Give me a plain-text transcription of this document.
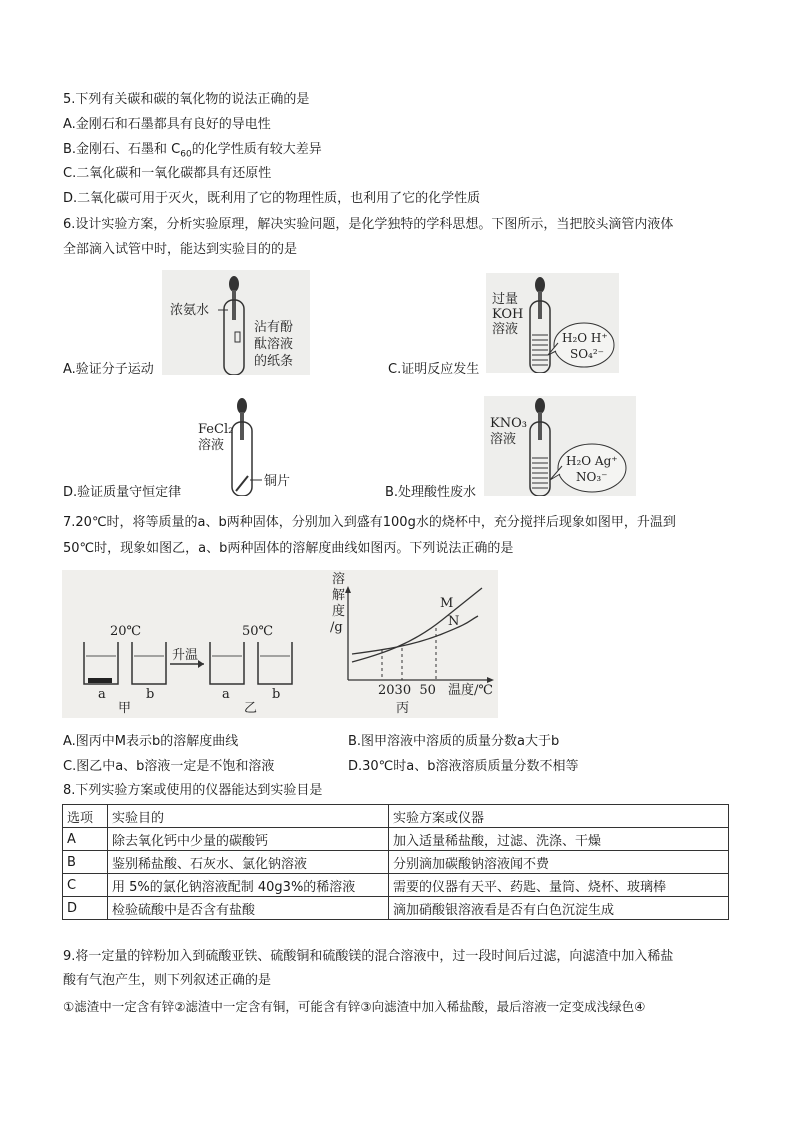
5.下列有关碳和碳的氧化物的说法正确的是
A.金刚石和石墨都具有良好的导电性
B.金刚石、石墨和 $C_{60}$的化学性质有较大差异
C.二氧化碳和一氧化碳都具有还原性
D.二氧化碳可用于灭火，既利用了它的物理性质，也利用了它的化学性质
6.设计实验方案，分析实验原理，解决实验问题，是化学独特的学科思想。下图所示，当把胶头滴管内液体
全部滴入试管中时，能达到实验目的的是
浓氨水
沾有酚
酞溶液
的纸条
A.验证分子运动
过量
KOH
溶液
H₂O H⁺
SO₄²⁻
C.证明反应发生
FeCl₂
溶液
铜片
D.验证质量守恒定律
KNO₃
溶液
H₂O Ag⁺
NO₃⁻
B.处理酸性废水
7.20℃时，将等质量的a、b两种固体，分别加入到盛有100g水的烧杯中，充分搅拌后现象如图甲，升温到
50℃时，现象如图乙，a、b两种固体的溶解度曲线如图丙。下列说法正确的是
20℃	50℃
升温
a	b	a	b
甲	乙	丙
溶
解
度
/g
2030  50 温度/℃
M
N
A.图丙中M表示b的溶解度曲线	B.图甲溶液中溶质的质量分数a大于b
C.图乙中a、b溶液一定是不饱和溶液	D.30℃时a、b溶液溶质质量分数不相等
8.下列实验方案或使用的仪器能达到实验目是
选项	实验目的	实验方案或仪器
A	除去氧化钙中少量的碳酸钙	加入适量稀盐酸，过滤、洗涤、干燥
B	鉴别稀盐酸、石灰水、氯化钠溶液	分别滴加碳酸钠溶液闻不费
C	用 5%的氯化钠溶液配制 40g3%的稀溶液	需要的仪器有天平、药匙、量筒、烧杯、玻璃棒
D	检验硫酸中是否含有盐酸	滴加硝酸银溶液看是否有白色沉淀生成
9.将一定量的锌粉加入到硫酸亚铁、硫酸铜和硫酸镁的混合溶液中，过一段时间后过滤，向滤渣中加入稀盐
酸有气泡产生，则下列叙述正确的是
①滤渣中一定含有锌②滤渣中一定含有铜，可能含有锌③向滤渣中加入稀盐酸，最后溶液一定变成浅绿色④
